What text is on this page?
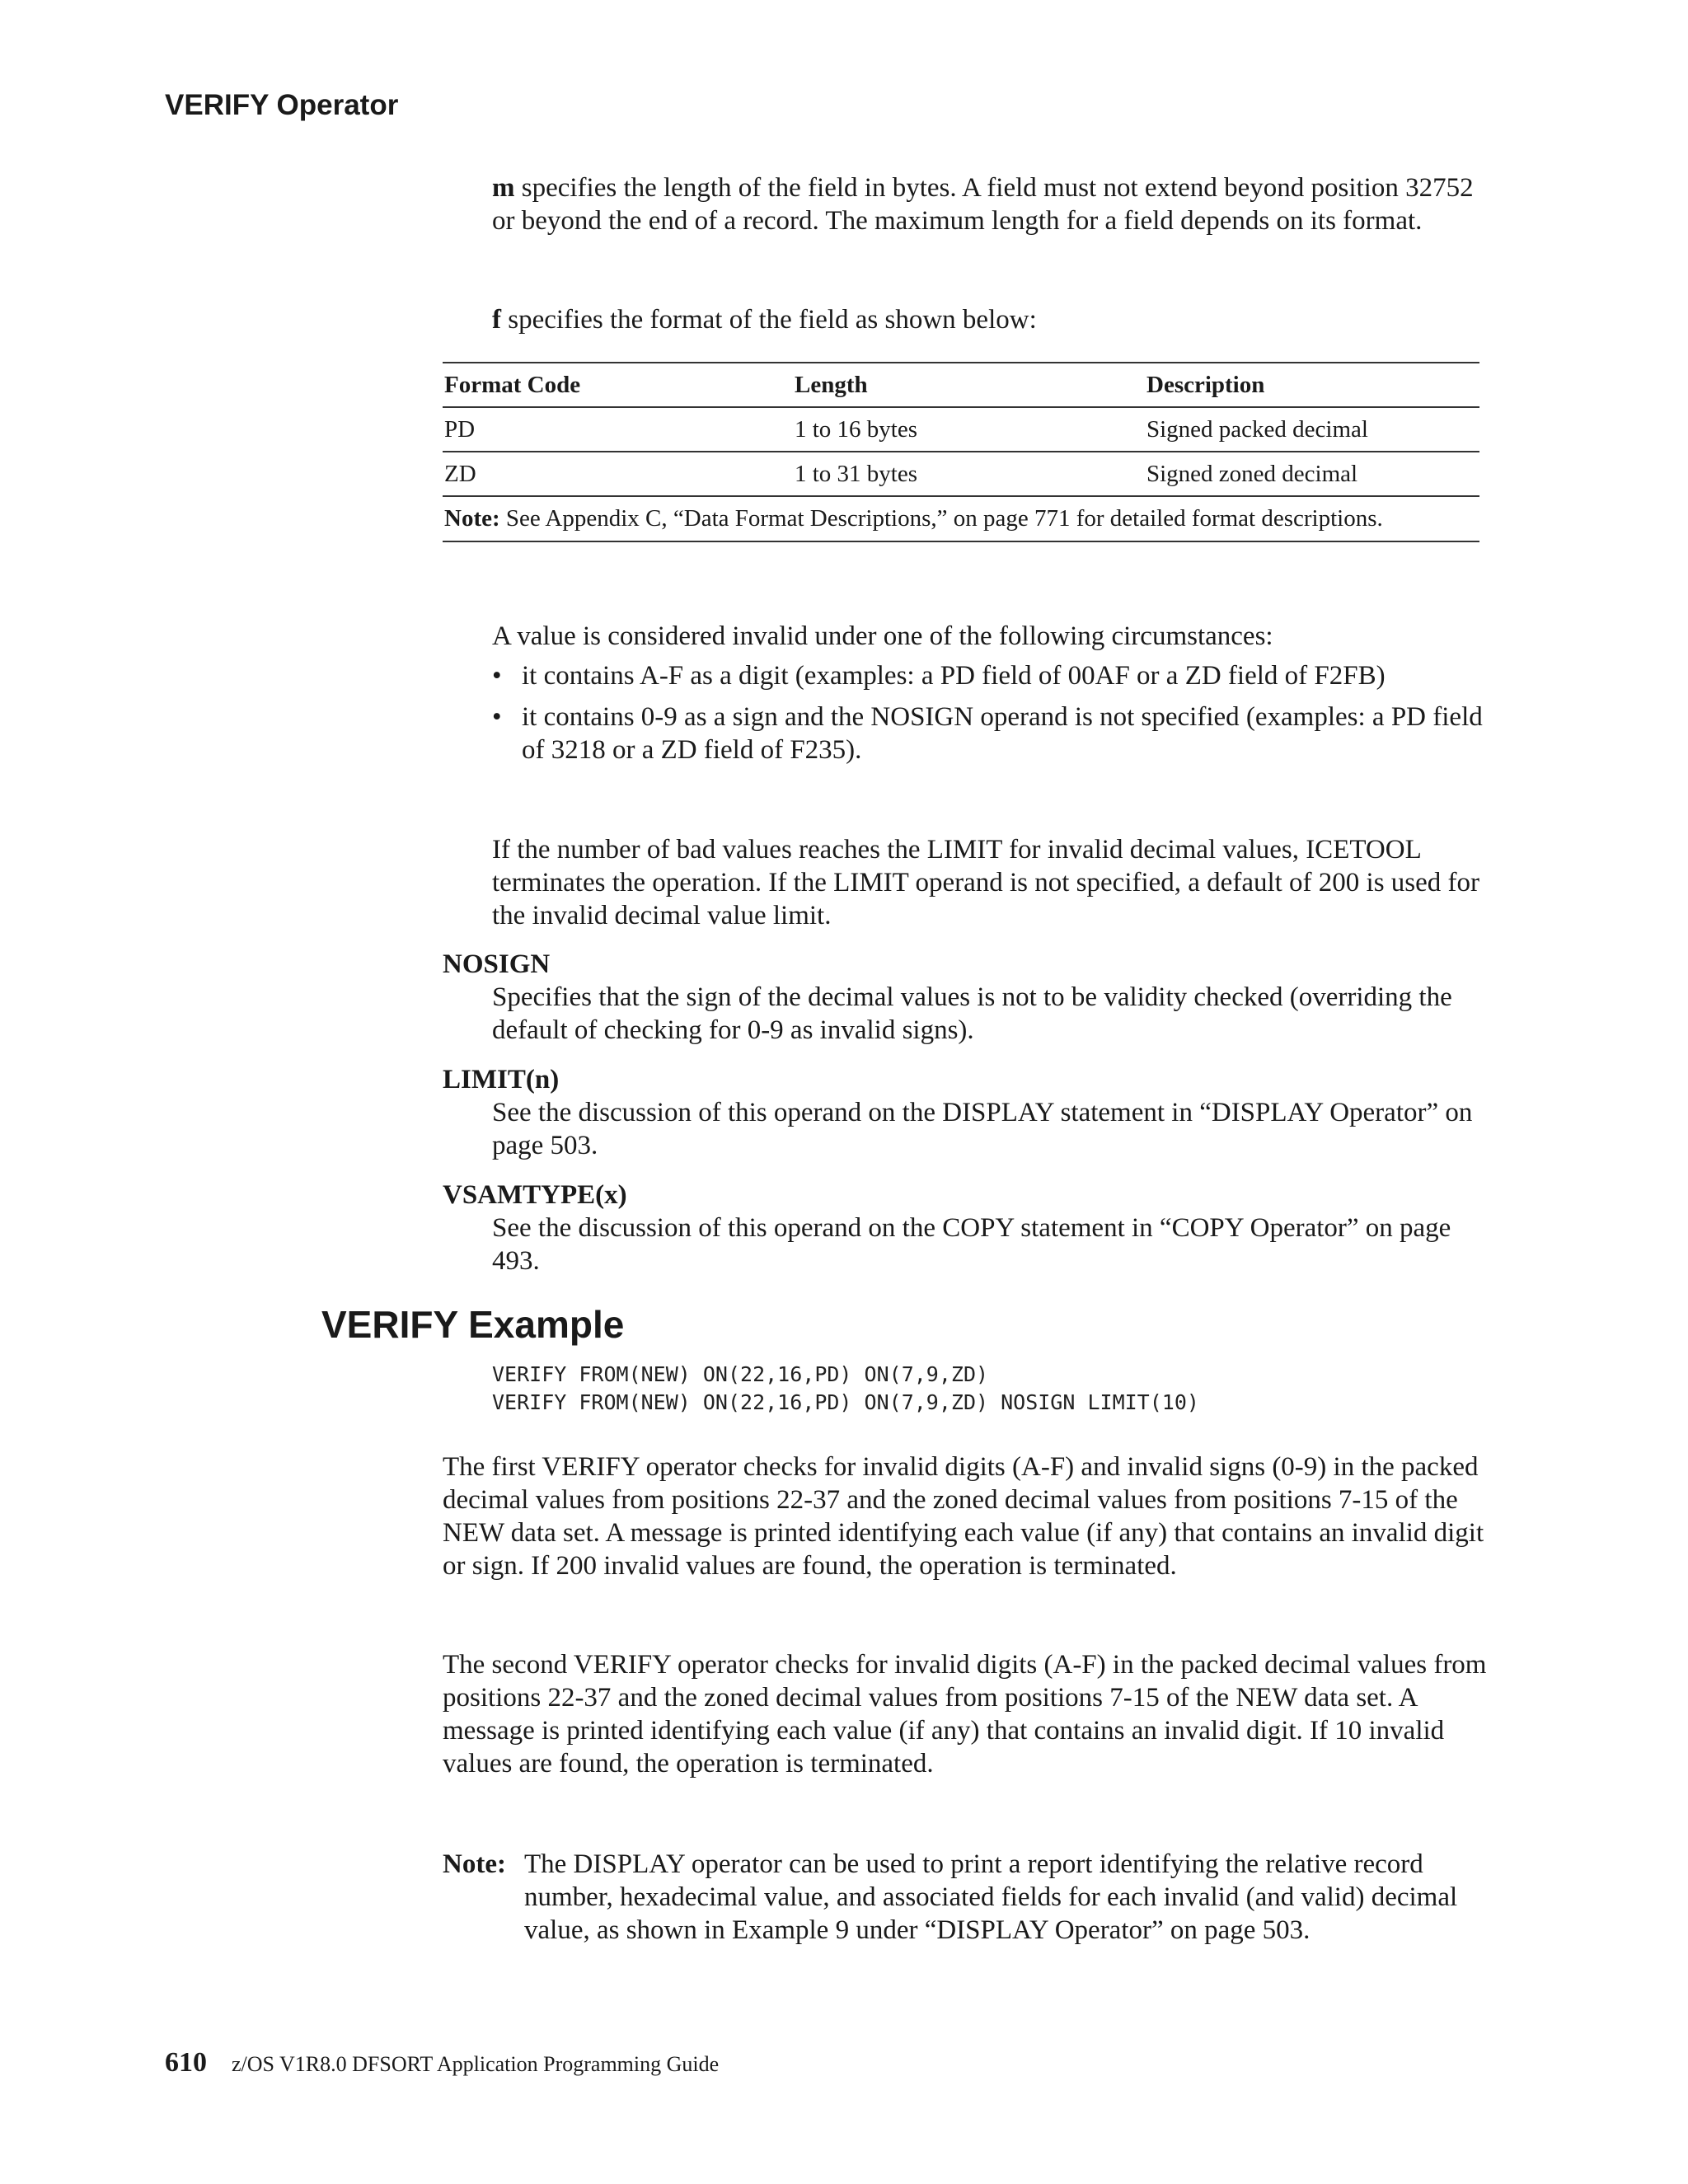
VERIFY Operator

m specifies the length of the field in bytes. A field must not extend beyond position 32752 or beyond the end of a record. The maximum length for a field depends on its format.

f specifies the format of the field as shown below:

Format Code	Length	Description
PD	1 to 16 bytes	Signed packed decimal
ZD	1 to 31 bytes	Signed zoned decimal
Note: See Appendix C, “Data Format Descriptions,” on page 771 for detailed format descriptions.		

A value is considered invalid under one of the following circumstances:

• it contains A-F as a digit (examples: a PD field of 00AF or a ZD field of F2FB)
• it contains 0-9 as a sign and the NOSIGN operand is not specified (examples: a PD field of 3218 or a ZD field of F235).

If the number of bad values reaches the LIMIT for invalid decimal values, ICETOOL terminates the operation. If the LIMIT operand is not specified, a default of 200 is used for the invalid decimal value limit.

NOSIGN
Specifies that the sign of the decimal values is not to be validity checked (overriding the default of checking for 0-9 as invalid signs).
LIMIT(n)
See the discussion of this operand on the DISPLAY statement in “DISPLAY Operator” on page 503.
VSAMTYPE(x)
See the discussion of this operand on the COPY statement in “COPY Operator” on page 493.
VERIFY Example
VERIFY FROM(NEW) ON(22,16,PD) ON(7,9,ZD)
VERIFY FROM(NEW) ON(22,16,PD) ON(7,9,ZD) NOSIGN LIMIT(10)

The first VERIFY operator checks for invalid digits (A-F) and invalid signs (0-9) in the packed decimal values from positions 22-37 and the zoned decimal values from positions 7-15 of the NEW data set. A message is printed identifying each value (if any) that contains an invalid digit or sign. If 200 invalid values are found, the operation is terminated.

The second VERIFY operator checks for invalid digits (A-F) in the packed decimal values from positions 22-37 and the zoned decimal values from positions 7-15 of the NEW data set. A message is printed identifying each value (if any) that contains an invalid digit. If 10 invalid values are found, the operation is terminated.

Note: The DISPLAY operator can be used to print a report identifying the relative record number, hexadecimal value, and associated fields for each invalid (and valid) decimal value, as shown in Example 9 under “DISPLAY Operator” on page 503.
610 z/OS V1R8.0 DFSORT Application Programming Guide
